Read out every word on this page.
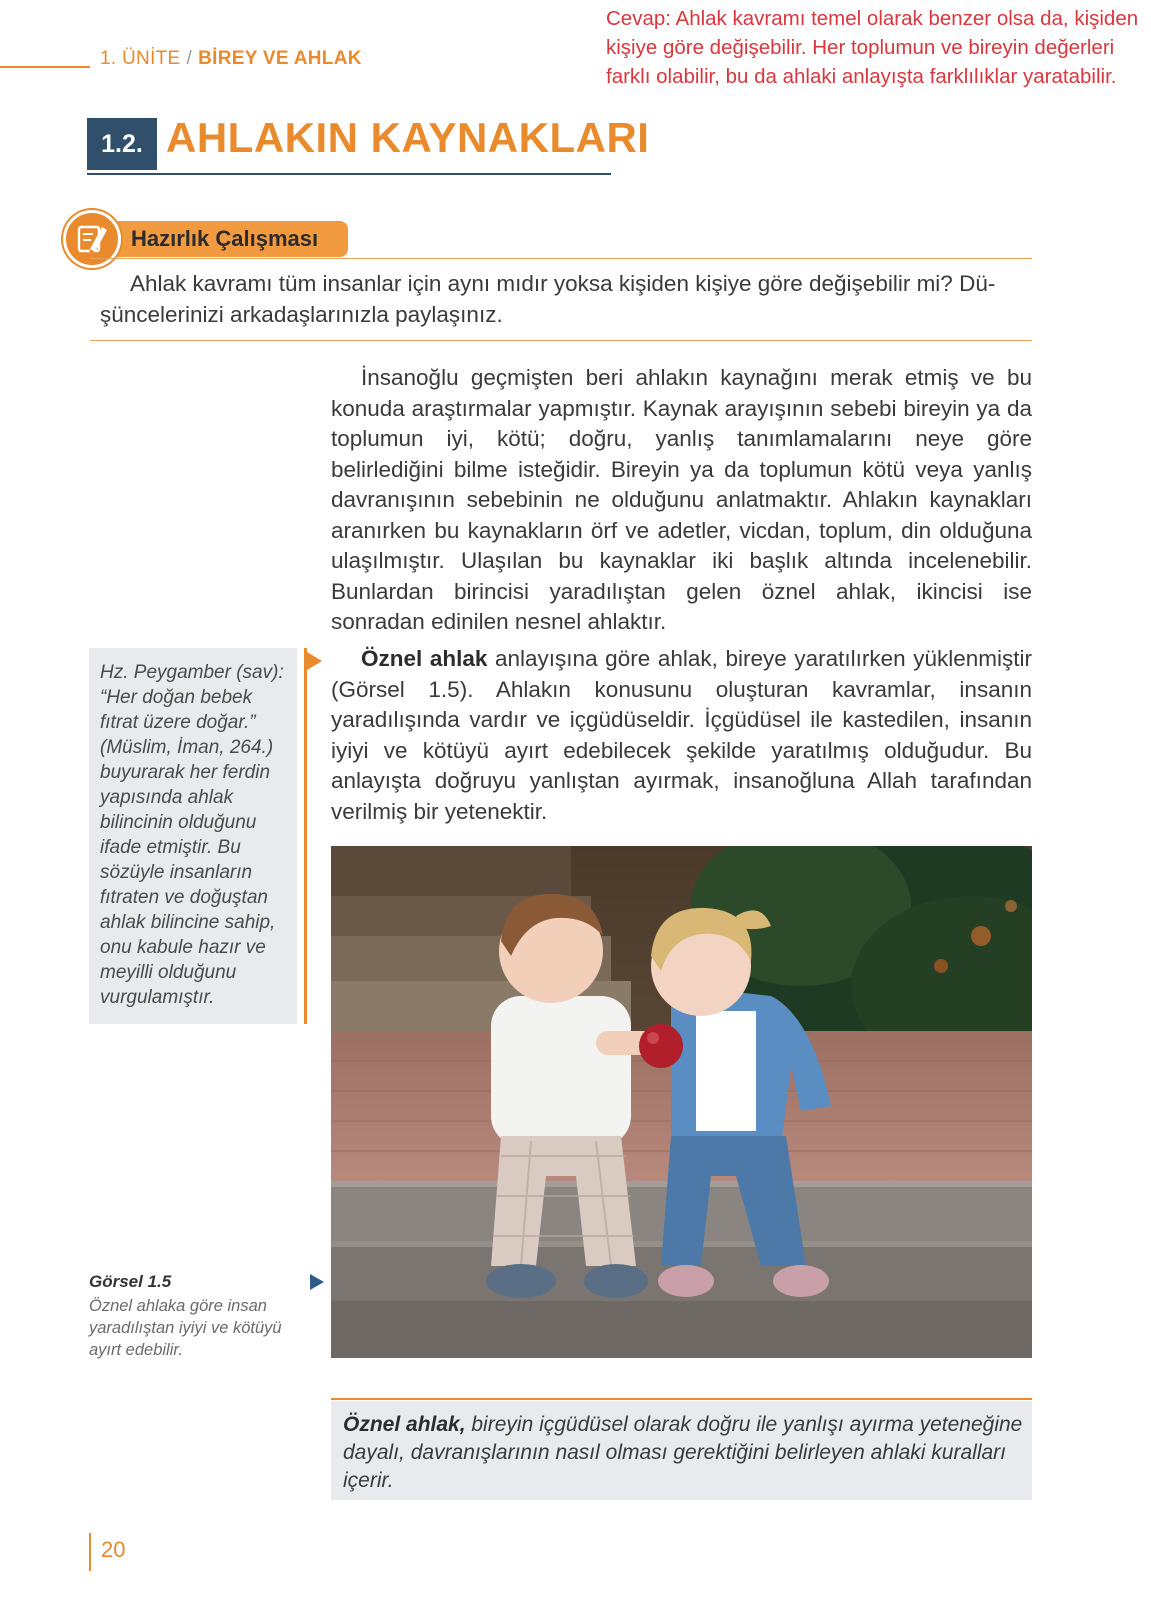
Cevap: Ahlak kavramı temel olarak benzer olsa da, kişiden kişiye göre değişebilir. Her toplumun ve bireyin değerleri farklı olabilir, bu da ahlaki anlayışta farklılıklar yaratabilir.
1. ÜNİTE / BİREY VE AHLAK
1.2. AHLAKIN KAYNAKLARI
Hazırlık Çalışması
Ahlak kavramı tüm insanlar için aynı mıdır yoksa kişiden kişiye göre değişebilir mi? Dü-
şüncelerinizi arkadaşlarınızla paylaşınız.
İnsanoğlu geçmişten beri ahlakın kaynağını merak etmiş ve bu konuda araştırmalar yapmıştır. Kaynak arayışının sebebi bireyin ya da toplumun iyi, kötü; doğru, yanlış tanımlamalarını neye göre belirlediğini bilme isteğidir. Bireyin ya da toplumun kötü veya yanlış davranışının sebebinin ne olduğunu anlatmaktır. Ahlakın kaynakları aranırken bu kaynakların örf ve adetler, vicdan, toplum, din olduğuna ulaşılmıştır. Ulaşılan bu kaynaklar iki başlık altında incelenebilir. Bunlardan birincisi yaradılıştan gelen öznel ahlak, ikincisi ise sonradan edinilen nesnel ahlaktır.
Öznel ahlak anlayışına göre ahlak, bireye yaratılırken yüklenmiştir (Görsel 1.5). Ahlakın konusunu oluşturan kavramlar, insanın yaradılışında vardır ve içgüdüseldir. İçgüdüsel ile kastedilen, insanın iyiyi ve kötüyü ayırt edebilecek şekilde yaratılmış olduğudur. Bu anlayışta doğruyu yanlıştan ayırmak, insanoğluna Allah tarafından verilmiş bir yetenektir.
Hz. Peygamber (sav): “Her doğan bebek fıtrat üzere doğar.” (Müslim, İman, 264.) buyurarak her ferdin yapısında ahlak bilincinin olduğunu ifade etmiştir. Bu sözüyle insanların fıtraten ve doğuştan ahlak bilincine sahip, onu kabule hazır ve meyilli olduğunu vurgulamıştır.
Görsel 1.5
Öznel ahlaka göre insan yaradılıştan iyiyi ve kötüyü ayırt edebilir.
Öznel ahlak, bireyin içgüdüsel olarak doğru ile yanlışı ayırma yeteneğine dayalı, davranışlarının nasıl olması gerektiğini belirleyen ahlaki kuralları içerir.
20
